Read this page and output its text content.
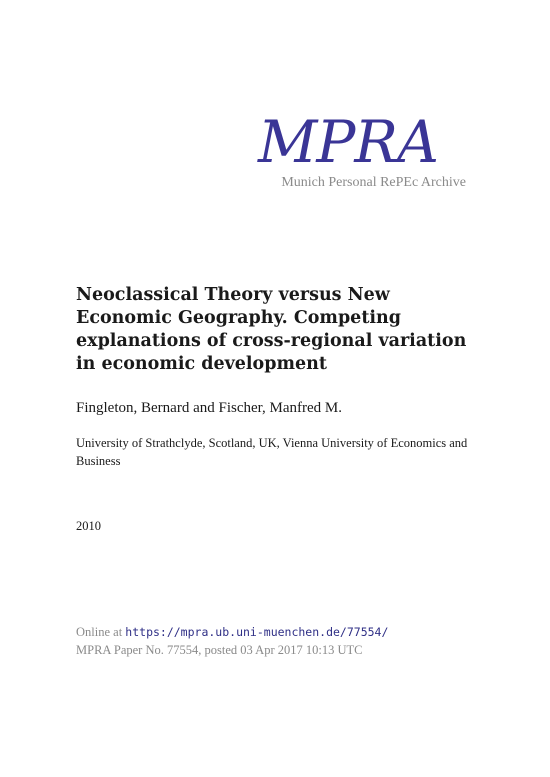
MPRA
Munich Personal RePEc Archive
Neoclassical Theory versus New Economic Geography. Competing explanations of cross-regional variation in economic development
Fingleton, Bernard and Fischer, Manfred M.
University of Strathclyde, Scotland, UK, Vienna University of Economics and Business
2010
Online at https://mpra.ub.uni-muenchen.de/77554/
MPRA Paper No. 77554, posted 03 Apr 2017 10:13 UTC
